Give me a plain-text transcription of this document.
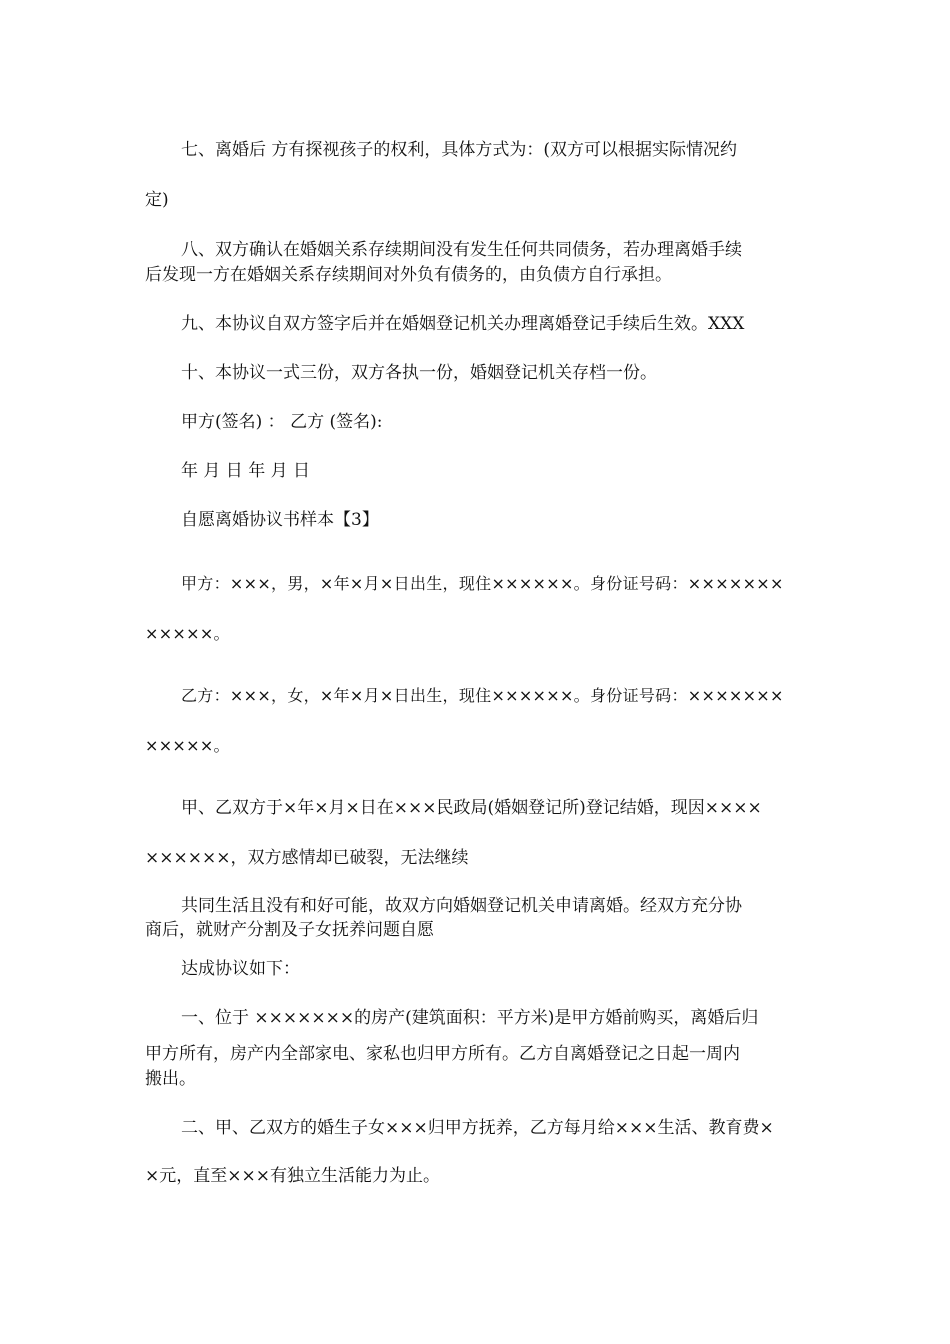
七、离婚后 方有探视孩子的权利，具体方式为：(双方可以根据实际情况约
定)
八、双方确认在婚姻关系存续期间没有发生任何共同债务，若办理离婚手续
后发现一方在婚姻关系存续期间对外负有债务的，由负债方自行承担。
九、本协议自双方签字后并在婚姻登记机关办理离婚登记手续后生效。XXX
十、本协议一式三份，双方各执一份，婚姻登记机关存档一份。
甲方(签名) ： 乙方 (签名):
年 月 日 年 月 日
自愿离婚协议书样本【3】
甲方：×××，男，×年×月×日出生，现住××××××。身份证号码：×××××××
×××××。
乙方：×××，女，×年×月×日出生，现住××××××。身份证号码：×××××××
×××××。
甲、乙双方于×年×月×日在×××民政局(婚姻登记所)登记结婚，现因××××
××××××，双方感情却已破裂，无法继续
共同生活且没有和好可能，故双方向婚姻登记机关申请离婚。经双方充分协
商后，就财产分割及子女抚养问题自愿
达成协议如下：
一、位于 ×××××××的房产(建筑面积：平方米)是甲方婚前购买，离婚后归
甲方所有，房产内全部家电、家私也归甲方所有。乙方自离婚登记之日起一周内
搬出。
二、甲、乙双方的婚生子女×××归甲方抚养，乙方每月给×××生活、教育费×
×元，直至×××有独立生活能力为止。
